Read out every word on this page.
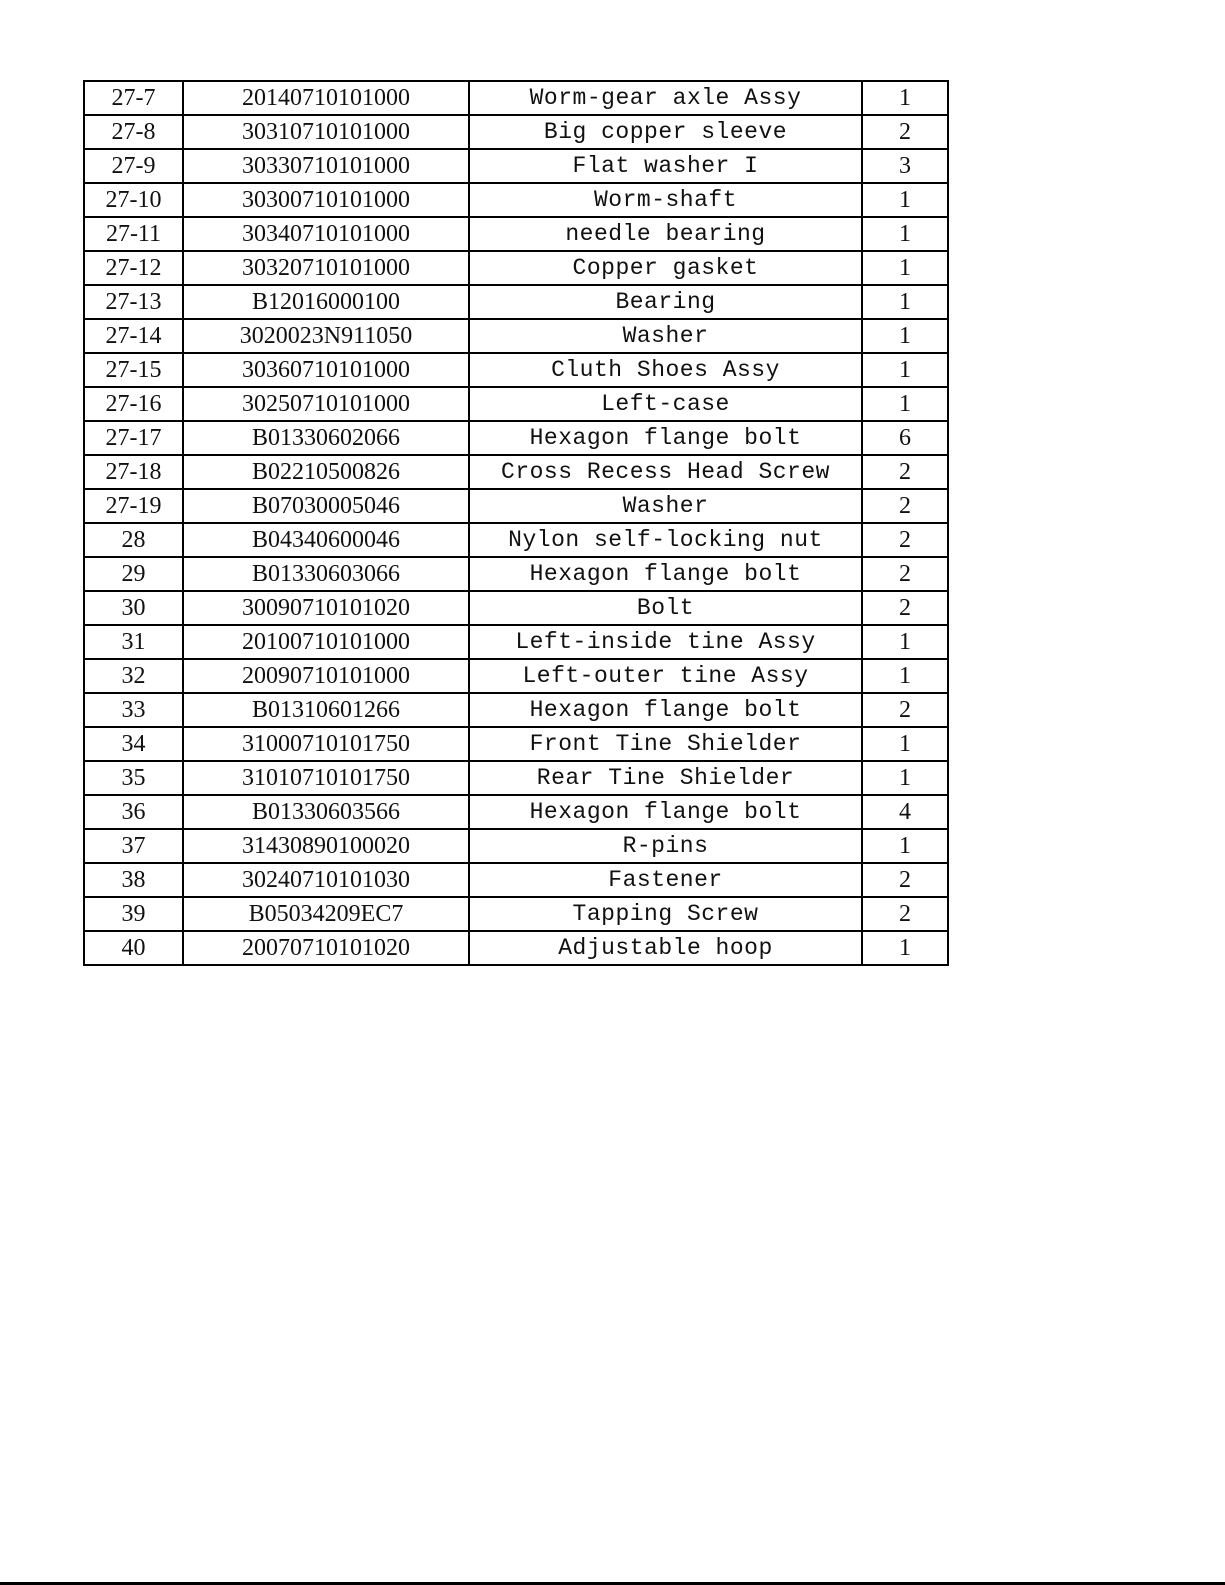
27-7	20140710101000	Worm-gear axle Assy	1
27-8	30310710101000	Big copper sleeve	2
27-9	30330710101000	Flat washer I	3
27-10	30300710101000	Worm-shaft	1
27-11	30340710101000	needle bearing	1
27-12	30320710101000	Copper gasket	1
27-13	B12016000100	Bearing	1
27-14	3020023N911050	Washer	1
27-15	30360710101000	Cluth Shoes Assy	1
27-16	30250710101000	Left-case	1
27-17	B01330602066	Hexagon flange bolt	6
27-18	B02210500826	Cross Recess Head Screw	2
27-19	B07030005046	Washer	2
28	B04340600046	Nylon self-locking nut	2
29	B01330603066	Hexagon flange bolt	2
30	30090710101020	Bolt	2
31	20100710101000	Left-inside tine Assy	1
32	20090710101000	Left-outer tine Assy	1
33	B01310601266	Hexagon flange bolt	2
34	31000710101750	Front Tine Shielder	1
35	31010710101750	Rear Tine Shielder	1
36	B01330603566	Hexagon flange bolt	4
37	31430890100020	R-pins	1
38	30240710101030	Fastener	2
39	B05034209EC7	Tapping Screw	2
40	20070710101020	Adjustable hoop	1
